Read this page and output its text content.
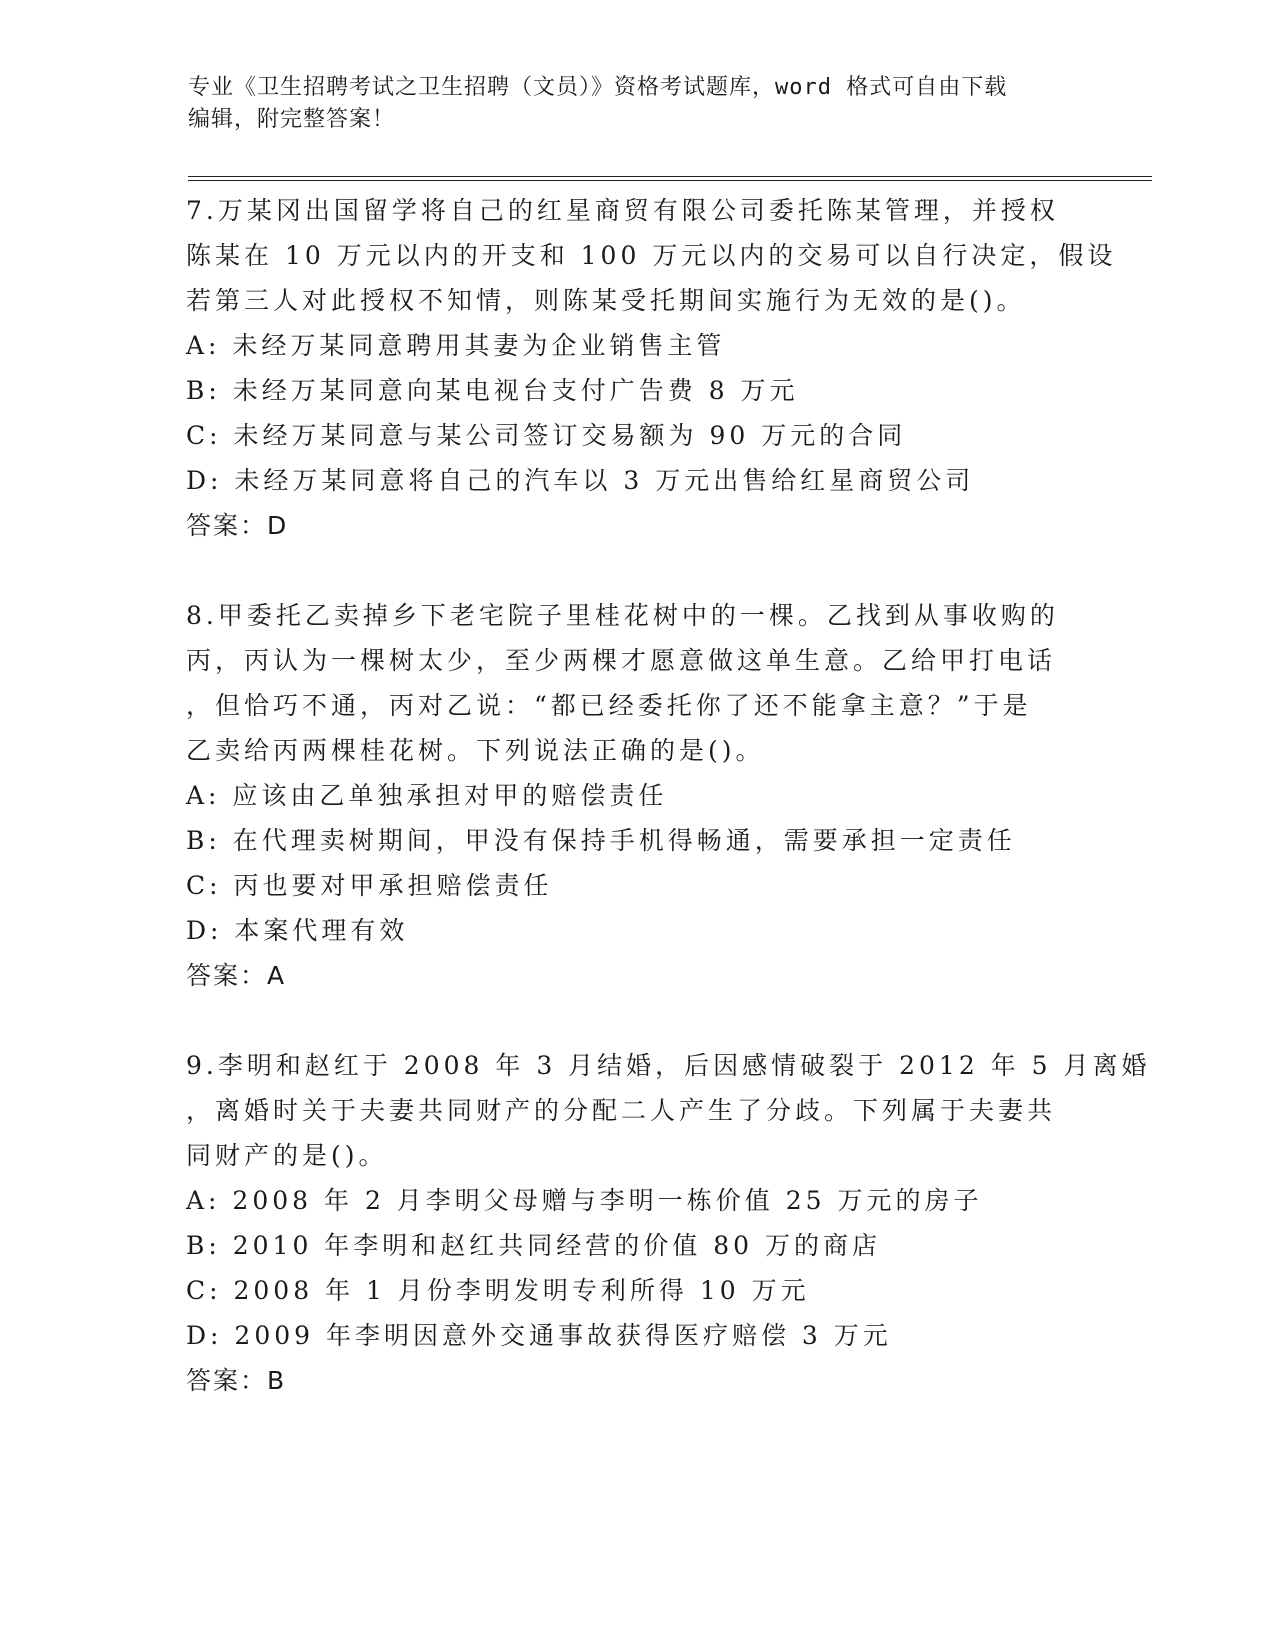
专业《卫生招聘考试之卫生招聘（文员）》资格考试题库，word 格式可自由下载
编辑，附完整答案！
7.万某冈出国留学将自己的红星商贸有限公司委托陈某管理，并授权
陈某在 10 万元以内的开支和 100 万元以内的交易可以自行决定，假设
若第三人对此授权不知情，则陈某受托期间实施行为无效的是()。
A: 未经万某同意聘用其妻为企业销售主管
B: 未经万某同意向某电视台支付广告费 8 万元
C: 未经万某同意与某公司签订交易额为 90 万元的合同
D: 未经万某同意将自己的汽车以 3 万元出售给红星商贸公司
答案：D
8.甲委托乙卖掉乡下老宅院子里桂花树中的一棵。乙找到从事收购的
丙，丙认为一棵树太少，至少两棵才愿意做这单生意。乙给甲打电话
，但恰巧不通，丙对乙说：“都已经委托你了还不能拿主意？”于是
乙卖给丙两棵桂花树。下列说法正确的是()。
A: 应该由乙单独承担对甲的赔偿责任
B: 在代理卖树期间，甲没有保持手机得畅通，需要承担一定责任
C: 丙也要对甲承担赔偿责任
D: 本案代理有效
答案：A
9.李明和赵红于 2008 年 3 月结婚，后因感情破裂于 2012 年 5 月离婚
，离婚时关于夫妻共同财产的分配二人产生了分歧。下列属于夫妻共
同财产的是()。
A: 2008 年 2 月李明父母赠与李明一栋价值 25 万元的房子
B: 2010 年李明和赵红共同经营的价值 80 万的商店
C: 2008 年 1 月份李明发明专利所得 10 万元
D: 2009 年李明因意外交通事故获得医疗赔偿 3 万元
答案：B
